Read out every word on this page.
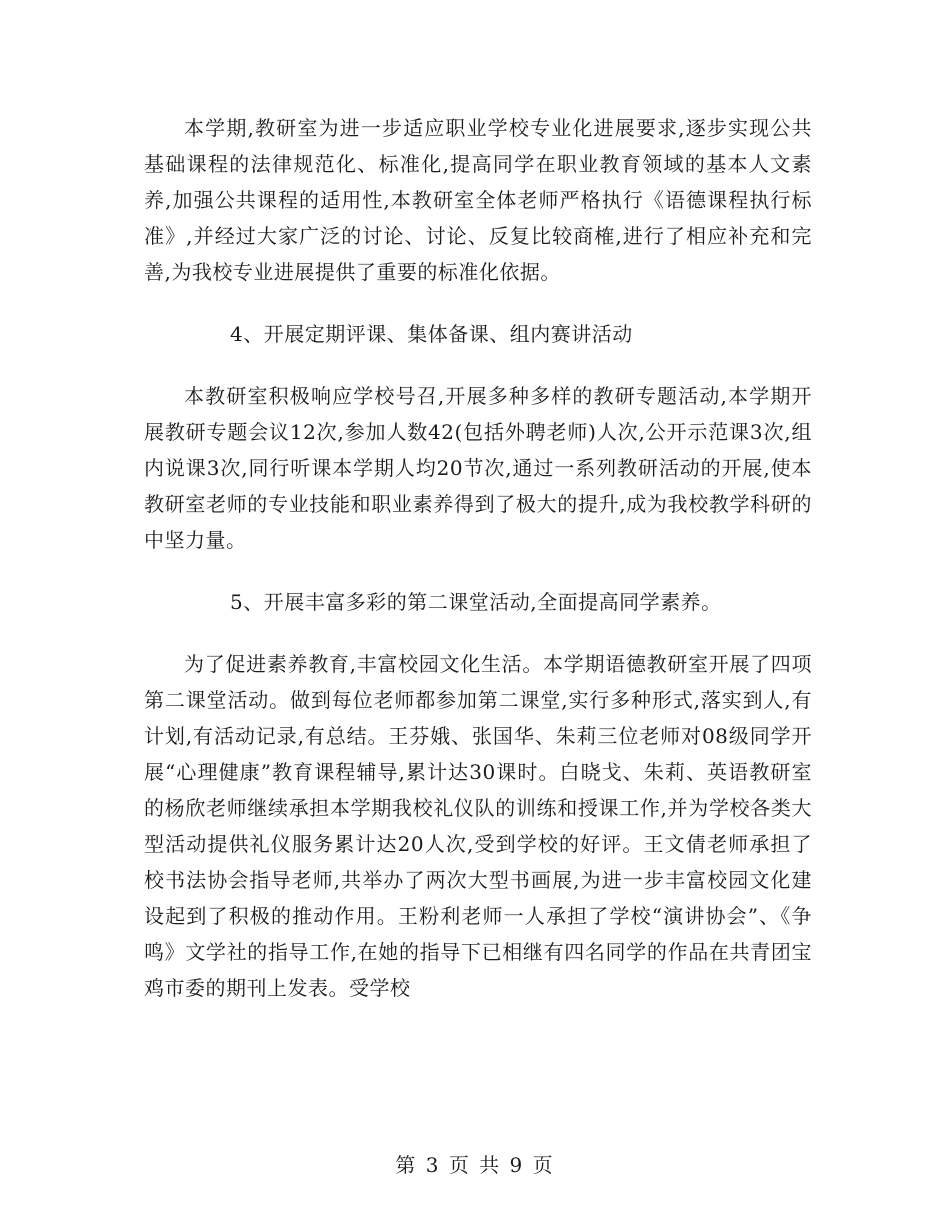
本学期,教研室为进一步适应职业学校专业化进展要求,逐步实现公共基础课程的法律规范化、标准化,提高同学在职业教育领域的基本人文素养,加强公共课程的适用性,本教研室全体老师严格执行《语德课程执行标准》,并经过大家广泛的讨论、讨论、反复比较商榷,进行了相应补充和完善,为我校专业进展提供了重要的标准化依据。

4、开展定期评课、集体备课、组内赛讲活动

本教研室积极响应学校号召,开展多种多样的教研专题活动,本学期开展教研专题会议12次,参加人数42(包括外聘老师)人次,公开示范课3次,组内说课3次,同行听课本学期人均20节次,通过一系列教研活动的开展,使本教研室老师的专业技能和职业素养得到了极大的提升,成为我校教学科研的中坚力量。

5、开展丰富多彩的第二课堂活动,全面提高同学素养。

为了促进素养教育,丰富校园文化生活。本学期语德教研室开展了四项第二课堂活动。做到每位老师都参加第二课堂,实行多种形式,落实到人,有计划,有活动记录,有总结。王芬娥、张国华、朱莉三位老师对08级同学开展“心理健康”教育课程辅导,累计达30课时。白晓戈、朱莉、英语教研室的杨欣老师继续承担本学期我校礼仪队的训练和授课工作,并为学校各类大型活动提供礼仪服务累计达20人次,受到学校的好评。王文倩老师承担了校书法协会指导老师,共举办了两次大型书画展,为进一步丰富校园文化建设起到了积极的推动作用。王粉利老师一人承担了学校“演讲协会”、《争鸣》文学社的指导工作,在她的指导下已相继有四名同学的作品在共青团宝鸡市委的期刊上发表。受学校

第 3 页 共 9 页
